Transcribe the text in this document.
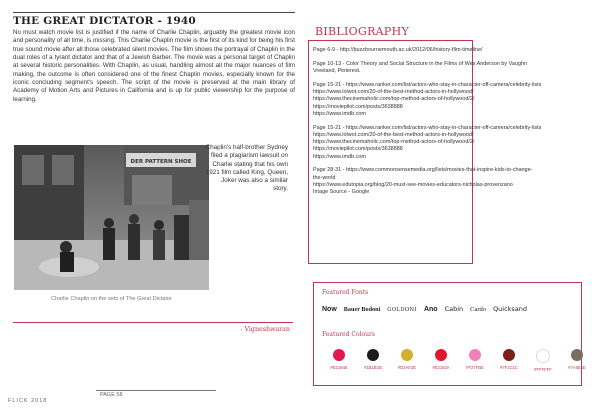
THE GREAT DICTATOR - 1940
No must watch movie list is justified if the name of Charlie Chaplin, arguably the greatest movie icon and personality of all time, is missing. This Charlie Chaplin movie is the first of its kind for being his first true sound movie after all those celebrated silent movies. The film shows the portrayal of Chaplin in the dual roles of a tyrant dictator and that of a Jewish Barber. The movie was a personal target of Chaplin at several historic personalities. With Chaplin, as usual, handling almost all the major nuances of film making, the outcome is often considered one of the finest Chaplin movies, especially known for the iconic concluding segment's speech. The script of the movie is preserved at the main library of Academy of Motion Arts and Pictures in California and is up for public viewership for the purpose of learning.
DER PATTERN SHOE
Chaplin's half-brother Sydney filed a plagiarism lawsuit on Charlie stating that his own 1921 film called King, Queen, Joker was also a similar story.
Charlie Chaplin on the sets of The Great Dictator
- Vigneshwaran
FLICK 2018
PAGE 58
BIBLIOGRAPHY
Page 6-9 - http://buzzbournemouth.ac.uk/2012/06/history-film-timeline/
Page 10-13 - Color Theory and Social Structure in the Films of Wes Anderson by Vaughn
Vreeland, Pinterest.
Page 15-21 - https://www.ranker.com/list/actors-who-stay-in-character-off-camera/celebrity-lists
https://www.lolwot.com/20-of-the-best-method-actors-in-hollywood/
https://www.thecinemaholic.com/top-method-actors-of-hollywood/2/
https://moviepilot.com/posts/3638888
https://www.imdb.com
Page 15-21 - https://www.ranker.com/list/actors-who-stay-in-character-off-camera/celebrity-lists
https://www.lolwot.com/20-of-the-best-method-actors-in-hollywood/
https://www.thecinemaholic.com/top-method-actors-of-hollywood/2/
https://moviepilot.com/posts/3638888
https://www.imdb.com
Page 28-31 - https://www.commonsensemedia.org/lists/movies-that-inspire-kids-to-change-
the-world
https://www.edutopia.org/blog/20-must-see-movies-educators-nicholas-provenzano
Image Source - Google
Featured Fonts
Now Bauer Bodoni GOLDONI Ano Cabin Cardo Quicksand
Featured Colours
#E2184E	#1B1B1B	#D3AF2E	#E2182A	#F27FBE	#7F1C1C	#FFFFFF	#7A6E5E
